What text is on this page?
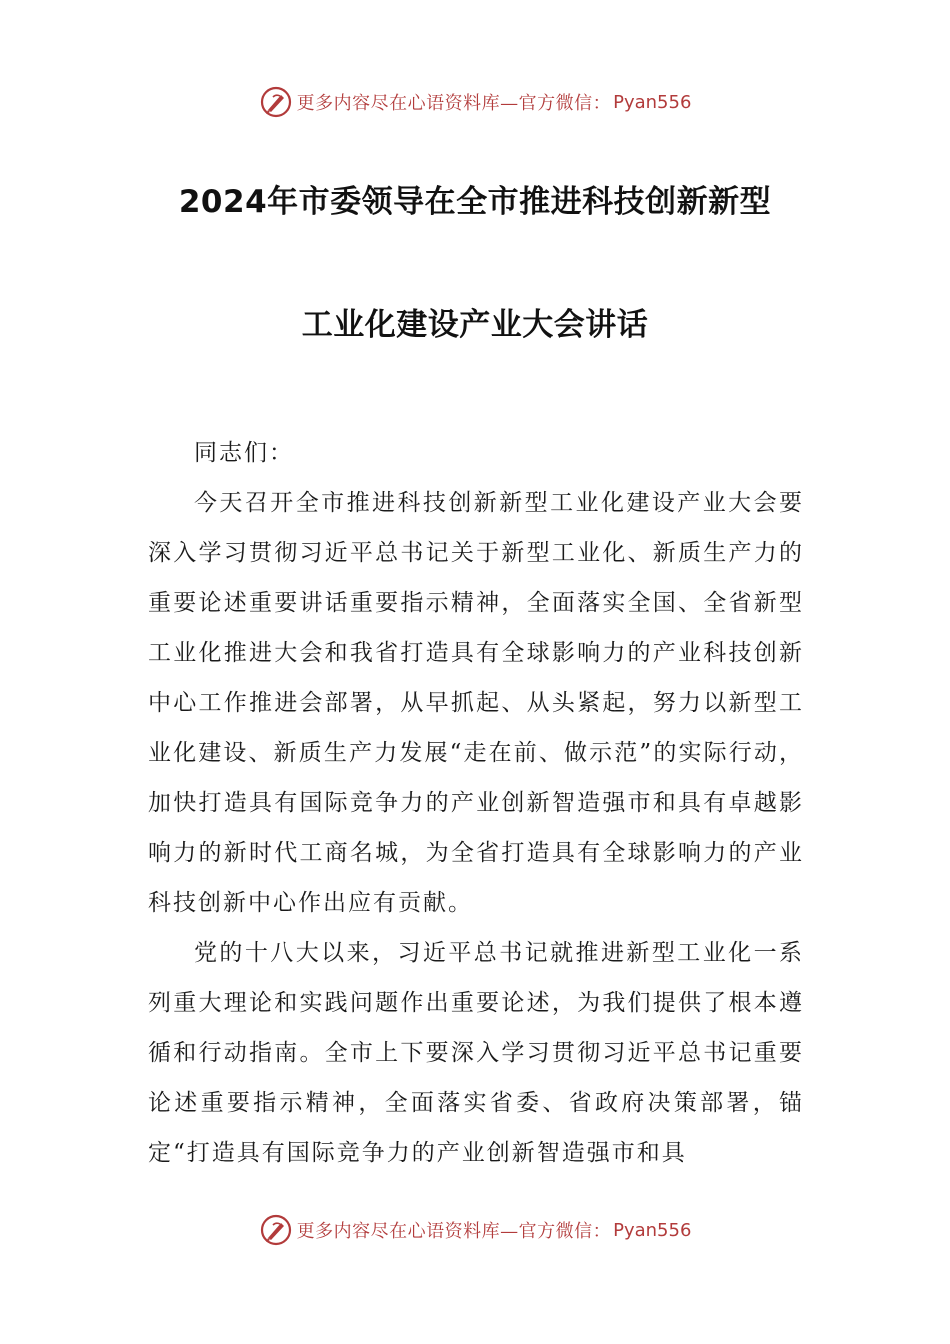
更多内容尽在心语资料库—官方微信： Pyan556
2024年市委领导在全市推进科技创新新型
工业化建设产业大会讲话

同志们：

今天召开全市推进科技创新新型工业化建设产业大会要深入学习贯彻习近平总书记关于新型工业化、新质生产力的重要论述重要讲话重要指示精神，全面落实全国、全省新型工业化推进大会和我省打造具有全球影响力的产业科技创新中心工作推进会部署，从早抓起、从头紧起，努力以新型工业化建设、新质生产力发展“走在前、做示范”的实际行动，加快打造具有国际竞争力的产业创新智造强市和具有卓越影响力的新时代工商名城，为全省打造具有全球影响力的产业科技创新中心作出应有贡献。

党的十八大以来，习近平总书记就推进新型工业化一系列重大理论和实践问题作出重要论述，为我们提供了根本遵循和行动指南。全市上下要深入学习贯彻习近平总书记重要论述重要指示精神，全面落实省委、省政府决策部署，锚定“打造具有国际竞争力的产业创新智造强市和具

更多内容尽在心语资料库—官方微信： Pyan556
